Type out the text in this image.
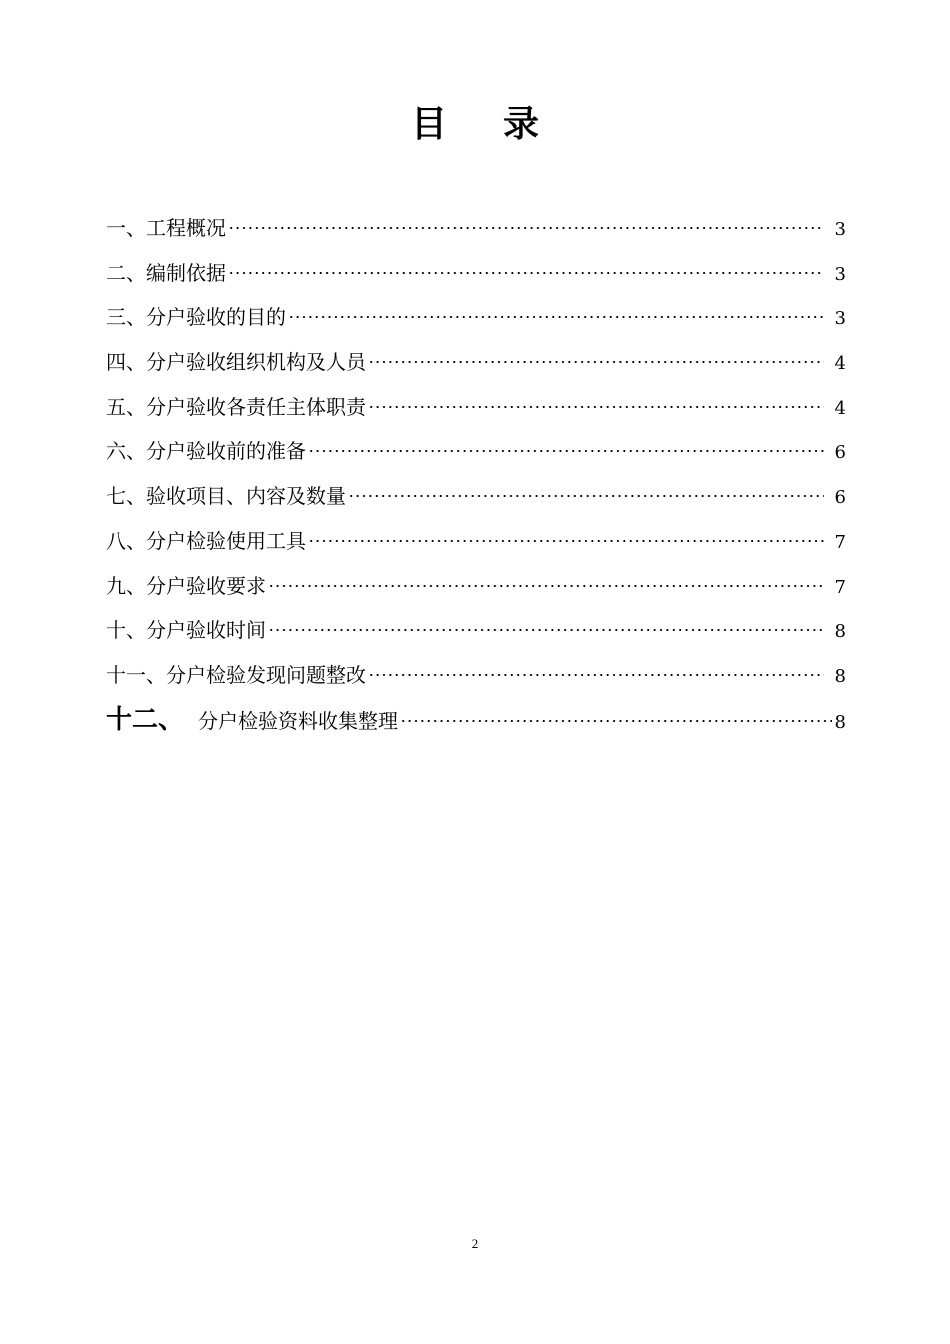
目录
一、 工程概况	3
二、 编制依据	3
三、 分户验收的目的	3
四、 分户验收组织机构及人员	4
五、 分户验收各责任主体职责	4
六、 分户验收前的准备	6
七、 验收项目、内容及数量	6
八、 分户检验使用工具	7
九、 分户验收要求	7
十、 分户验收时间	8
十一、 分户检验发现问题整改	8
十二、 分户检验资料收集整理	8
2
